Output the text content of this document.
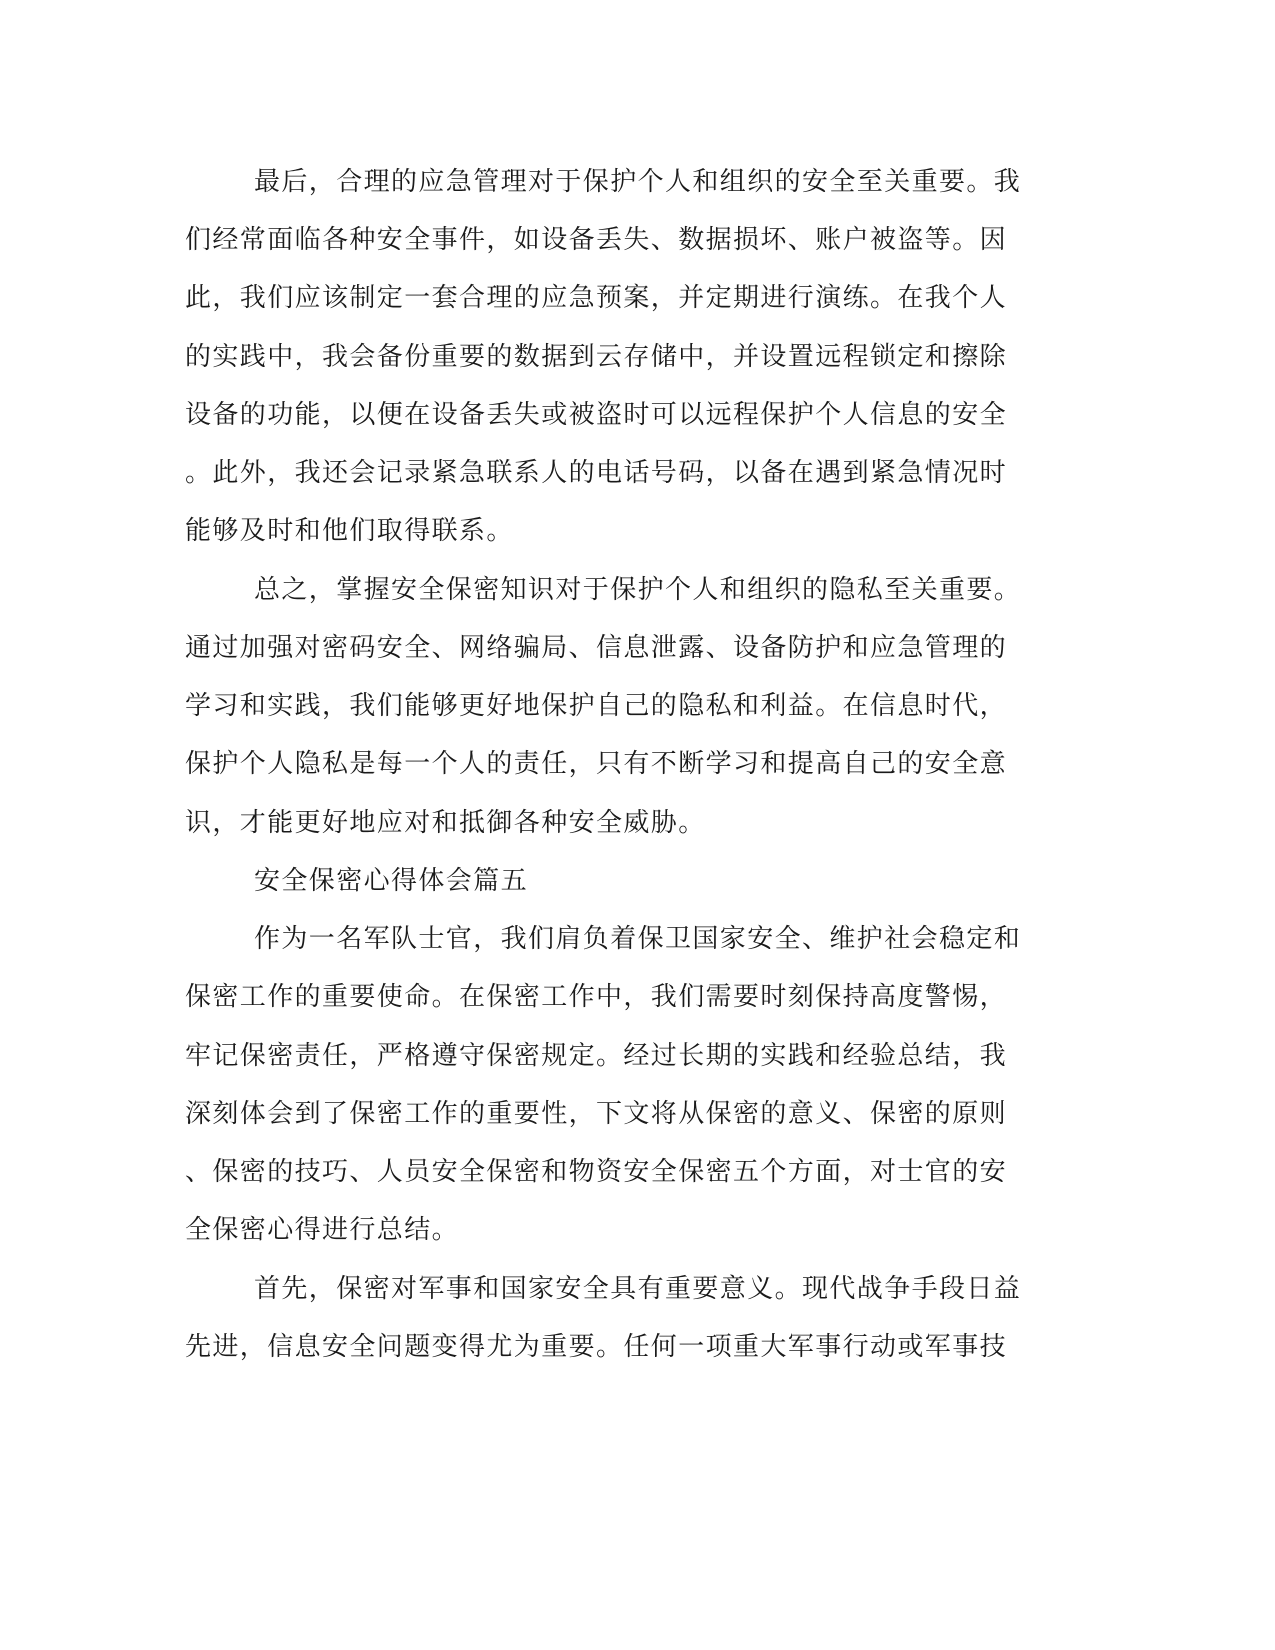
最后，合理的应急管理对于保护个人和组织的安全至关重要。我
们经常面临各种安全事件，如设备丢失、数据损坏、账户被盗等。因
此，我们应该制定一套合理的应急预案，并定期进行演练。在我个人
的实践中，我会备份重要的数据到云存储中，并设置远程锁定和擦除
设备的功能，以便在设备丢失或被盗时可以远程保护个人信息的安全
。此外，我还会记录紧急联系人的电话号码，以备在遇到紧急情况时
能够及时和他们取得联系。
总之，掌握安全保密知识对于保护个人和组织的隐私至关重要。
通过加强对密码安全、网络骗局、信息泄露、设备防护和应急管理的
学习和实践，我们能够更好地保护自己的隐私和利益。在信息时代，
保护个人隐私是每一个人的责任，只有不断学习和提高自己的安全意
识，才能更好地应对和抵御各种安全威胁。
安全保密心得体会篇五
作为一名军队士官，我们肩负着保卫国家安全、维护社会稳定和
保密工作的重要使命。在保密工作中，我们需要时刻保持高度警惕，
牢记保密责任，严格遵守保密规定。经过长期的实践和经验总结，我
深刻体会到了保密工作的重要性，下文将从保密的意义、保密的原则
、保密的技巧、人员安全保密和物资安全保密五个方面，对士官的安
全保密心得进行总结。
首先，保密对军事和国家安全具有重要意义。现代战争手段日益
先进，信息安全问题变得尤为重要。任何一项重大军事行动或军事技
